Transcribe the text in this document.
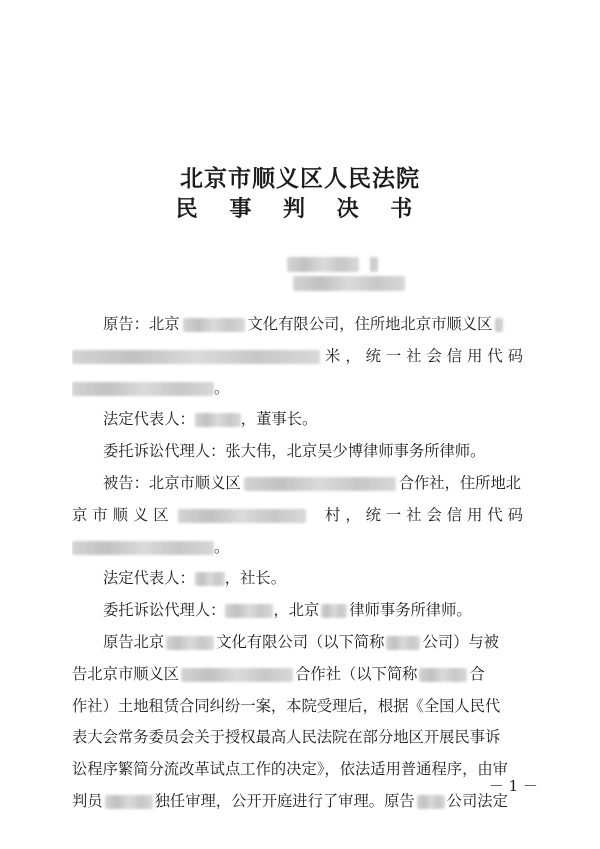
北京市顺义区人民法院
民 事 判 决 书

原告：北京	文化有限公司，住所地北京市顺义区
米，统一社会信用代码
。
法定代表人：	，董事长。
委托诉讼代理人：张大伟，北京吴少博律师事务所律师。
被告：北京市顺义区	合作社，住所地北
京市顺义区	村，统一社会信用代码
。
法定代表人： ，社长。
委托诉讼代理人：	，北京 律师事务所律师。
原告北京	文化有限公司（以下简称 公司）与被
告北京市顺义区	合作社（以下简称	合
作社）土地租赁合同纠纷一案，本院受理后，根据《全国人民代
表大会常务委员会关于授权最高人民法院在部分地区开展民事诉
讼程序繁简分流改革试点工作的决定》，依法适用普通程序，由审
判员	独任审理，公开开庭进行了审理。原告 公司法定
－ 1 －
